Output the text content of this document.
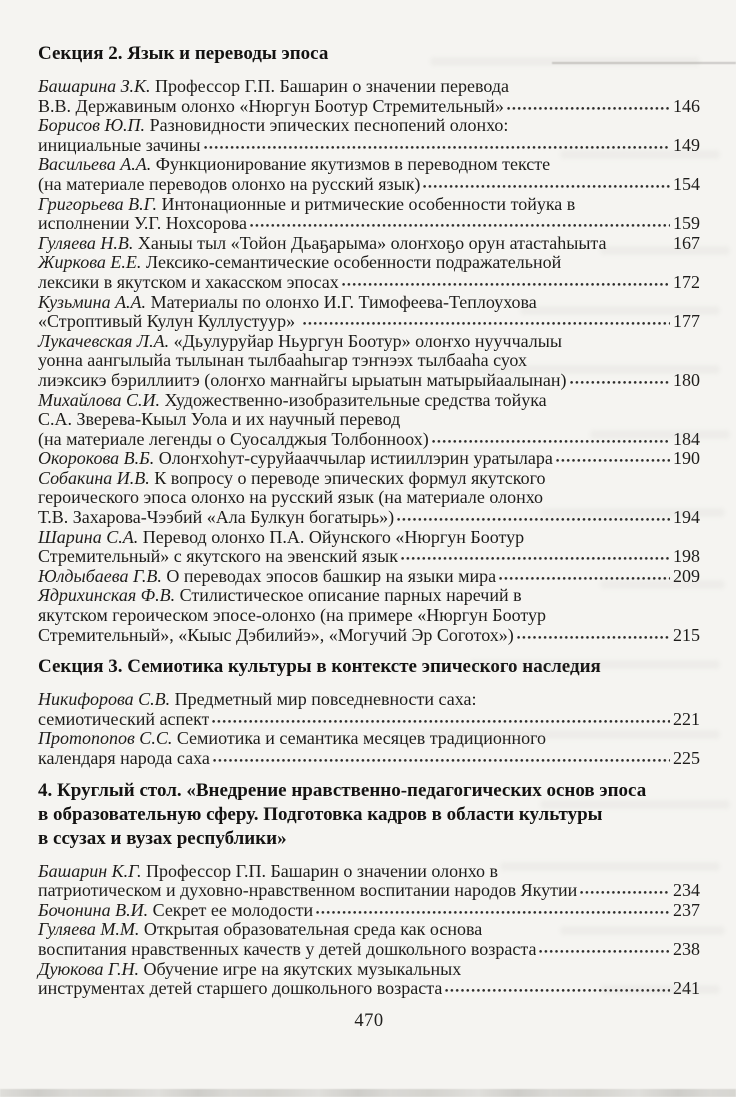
Секция 2. Язык и переводы эпоса
Башарина З.К. Профессор Г.П. Башарин о значении перевода
В.В. Державиным олонхо «Нюргун Боотур Стремительный»	146
Борисов Ю.П. Разновидности эпических песнопений олонхо:
инициальные зачины	149
Васильева А.А. Функционирование якутизмов в переводном тексте
(на материале переводов олонхо на русский язык)	154
Григорьева В.Г. Интонационные и ритмические особенности тойука в
исполнении У.Г. Нохсорова	159
Гуляева Н.В. Ханыы тыл «Тойон Дьаҕарыма» олоҥхоҕо орун атастаһыыта	167
Жиркова Е.Е. Лексико-семантические особенности подражательной
лексики в якутском и хакасском эпосах	172
Кузьмина А.А. Материалы по олонхо И.Г. Тимофеева-Теплоухова
«Строптивый Кулун Куллустуур»	177
Лукачевская Л.А. «Дьулуруйар Ньургун Боотур» олоҥхо нууччалыы
уонна аангылыйа тылынан тылбааһыгар тэҥнээх тылбааһа суох
лиэксикэ бэриллиитэ (олоҥхо маҥнайгы ырыатын матырыйаалынан)	180
Михайлова С.И. Художественно-изобразительные средства тойука
С.А. Зверева-Кыыл Уола и их научный перевод
(на материале легенды о Суосалджыя Толбонноох)	184
Окорокова В.Б. Олоҥхоһут-суруйааччылар истииллэрин уратылара	190
Собакина И.В. К вопросу о переводе эпических формул якутского
героического эпоса олонхо на русский язык (на материале олонхо
Т.В. Захарова-Чээбий «Ала Булкун богатырь»)	194
Шарина С.А. Перевод олонхо П.А. Ойунского «Нюргун Боотур
Стремительный» с якутского на эвенский язык	198
Юлдыбаева Г.В. О переводах эпосов башкир на языки мира	209
Ядрихинская Ф.В. Стилистическое описание парных наречий в
якутском героическом эпосе-олонхо (на примере «Нюргун Боотур
Стремительный», «Кыыс Дэбилийэ», «Могучий Эр Соготох»)	215
Секция 3. Семиотика культуры в контексте эпического наследия
Никифорова С.В. Предметный мир повседневности саха:
семиотический аспект	221
Протопопов С.С. Семиотика и семантика месяцев традиционного
календаря народа саха	225
4. Круглый стол. «Внедрение нравственно-педагогических основ эпоса
в образовательную сферу. Подготовка кадров в области культуры
в ссузах и вузах республики»
Башарин К.Г. Профессор Г.П. Башарин о значении олонхо в
патриотическом и духовно-нравственном воспитании народов Якутии	234
Бочонина В.И. Секрет ее молодости	237
Гуляева М.М. Открытая образовательная среда как основа
воспитания нравственных качеств у детей дошкольного возраста	238
Дуюкова Г.Н. Обучение игре на якутских музыкальных
инструментах детей старшего дошкольного возраста	241
470
